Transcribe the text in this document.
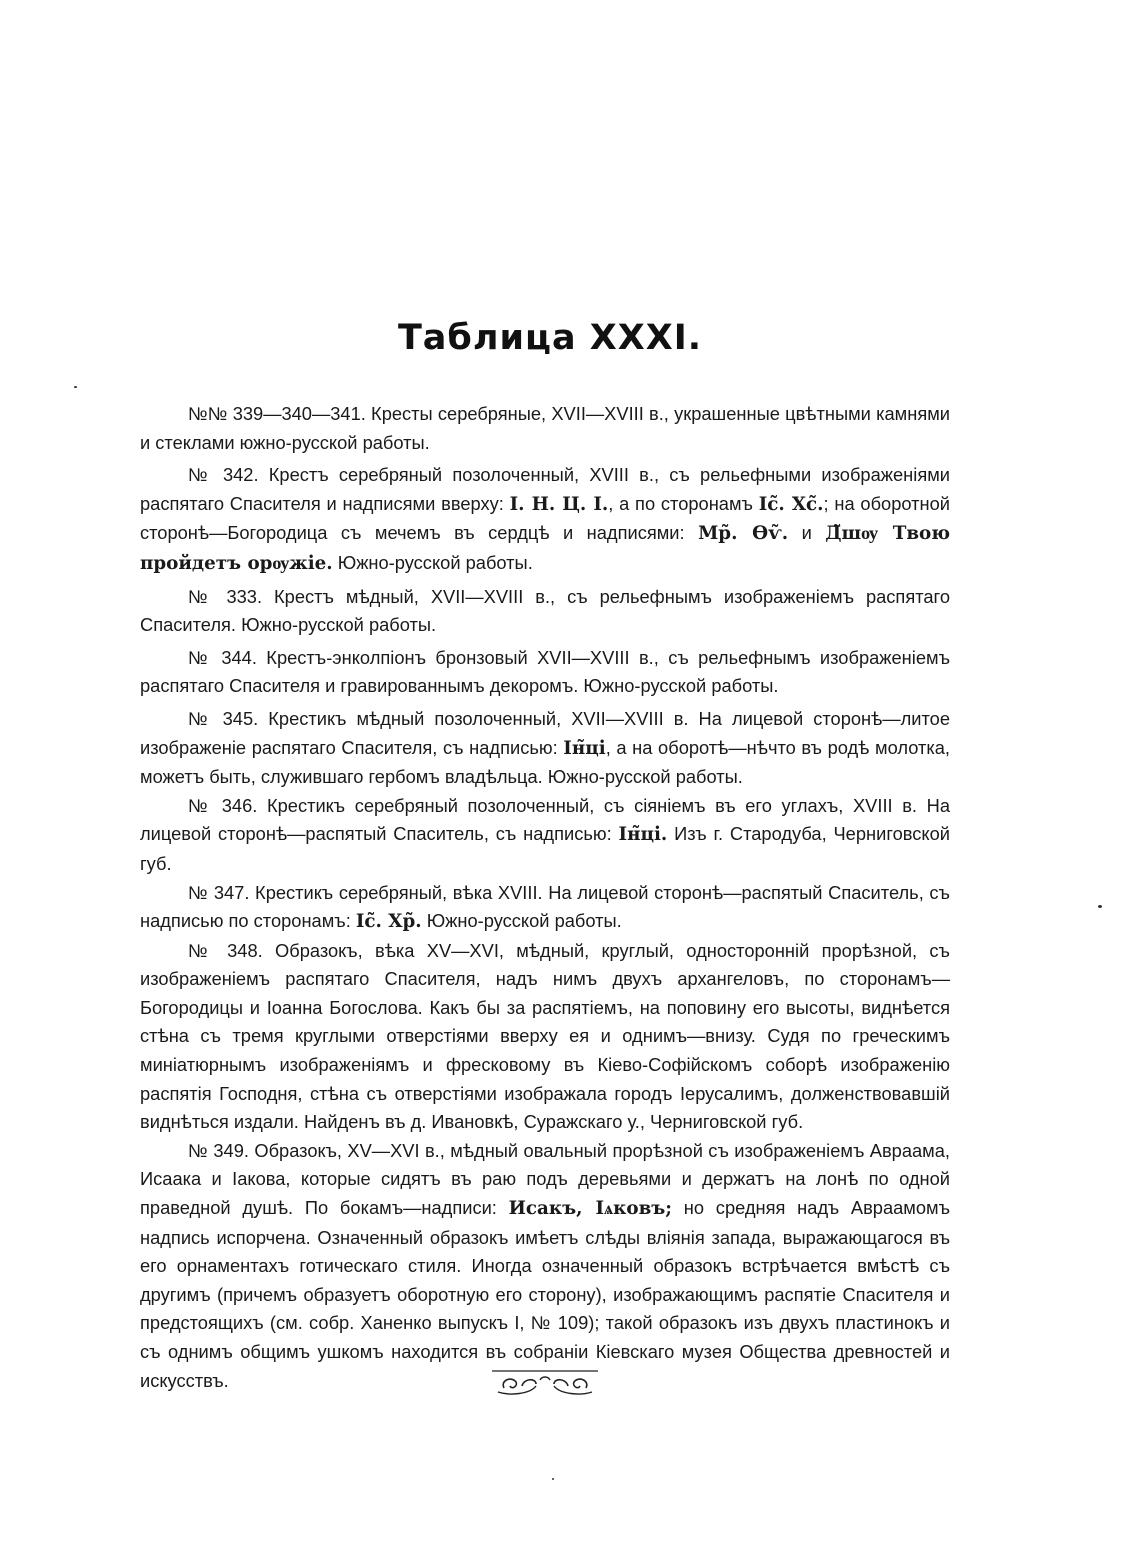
Таблица XXXI.

№№ 339—340—341. Кресты серебряные, XVII—XVIII в., украшенные цвѣтными камнями и стеклами южно-русской работы.

№ 342. Крестъ серебряный позолоченный, XVIII в., съ рельефными изображеніями распятаго Спасителя и надписями вверху: I. Н. Ц. I., а по сторонамъ Іс̃. Хс̃.; на оборотной сторонѣ—Богородица съ мечемъ въ сердцѣ и надписями: Мр̃. Ѳѵ̃. и Д̃шѹ Твою пройдетъ орѹжіе. Южно-русской работы.

№ 333. Крестъ мѣдный, XVII—XVIII в., съ рельефнымъ изображеніемъ распятаго Спасителя. Южно-русской работы.

№ 344. Крестъ-энколпіонъ бронзовый XVII—XVIII в., съ рельефнымъ изображеніемъ распятаго Спасителя и гравированнымъ декоромъ. Южно-русской работы.

№ 345. Крестикъ мѣдный позолоченный, XVII—XVIII в. На лицевой сторонѣ—литое изображеніе распятаго Спасителя, съ надписью: Ін̃ці, а на оборотѣ—нѣчто въ родѣ молотка, можетъ быть, служившаго гербомъ владѣльца. Южно-русской работы.

№ 346. Крестикъ серебряный позолоченный, съ сіяніемъ въ его углахъ, XVIII в. На лицевой сторонѣ—распятый Спаситель, съ надписью: Ін̃ці. Изъ г. Стародуба, Черниговской губ.

№ 347. Крестикъ серебряный, вѣка XVIII. На лицевой сторонѣ—распятый Спаситель, съ надписью по сторонамъ: Іс̃. Хр̃. Южно-русской работы.

№ 348. Образокъ, вѣка XV—XVI, мѣдный, круглый, односторонній прорѣзной, съ изображеніемъ распятаго Спасителя, надъ нимъ двухъ архангеловъ, по сторонамъ—Богородицы и Іоанна Богослова. Какъ бы за распятіемъ, на поповину его высоты, виднѣется стѣна съ тремя круглыми отверстіями вверху ея и однимъ—внизу. Судя по греческимъ миніатюрнымъ изображеніямъ и фресковому въ Кіево-Софійскомъ соборѣ изображенію распятія Господня, стѣна съ отверстіями изображала городъ Іерусалимъ, долженствовавшій виднѣться издали. Найденъ въ д. Ивановкѣ, Суражскаго у., Черниговской губ.

№ 349. Образокъ, XV—XVI в., мѣдный овальный прорѣзной съ изображеніемъ Авраама, Исаака и Іакова, которые сидятъ въ раю подъ деревьями и держатъ на лонѣ по одной праведной душѣ. По бокамъ—надписи: Исакъ, Іѧковъ; но средняя надъ Авраамомъ надпись испорчена. Означенный образокъ имѣетъ слѣды вліянія запада, выражающагося въ его орнаментахъ готическаго стиля. Иногда означенный образокъ встрѣчается вмѣстѣ съ другимъ (причемъ образуетъ оборотную его сторону), изображающимъ распятіе Спасителя и предстоящихъ (см. собр. Ханенко выпускъ I, № 109); такой образокъ изъ двухъ пластинокъ и съ однимъ общимъ ушкомъ находится въ собраніи Кіевскаго музея Общества древностей и искусствъ.
